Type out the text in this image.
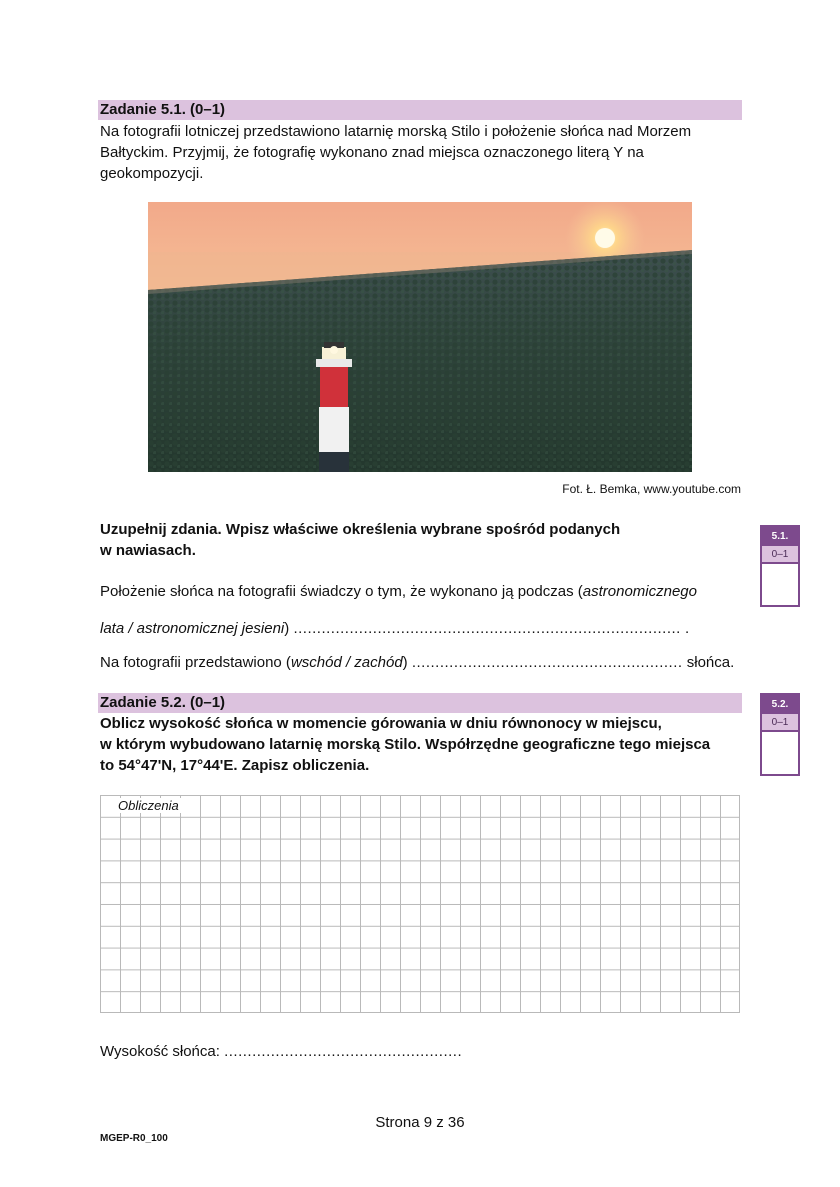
Zadanie 5.1. (0–1)
Na fotografii lotniczej przedstawiono latarnię morską Stilo i położenie słońca nad Morzem
Bałtyckim. Przyjmij, że fotografię wykonano znad miejsca oznaczonego literą Y na
geokompozycji.
Fot. Ł. Bemka, www.youtube.com
Uzupełnij zdania. Wpisz właściwe określenia wybrane spośród podanych
w nawiasach.
Położenie słońca na fotografii świadczy o tym, że wykonano ją podczas (astronomicznego
lata / astronomicznej jesieni) ................................................................................... .
Na fotografii przedstawiono (wschód / zachód) .......................................................... słońca.
5.1.
0–1
Zadanie 5.2. (0–1)
Oblicz wysokość słońca w momencie górowania w dniu równonocy w miejscu,
w którym wybudowano latarnię morską Stilo. Współrzędne geograficzne tego miejsca
to 54°47'N, 17°44'E. Zapisz obliczenia.
5.2.
0–1
Obliczenia
Wysokość słońca: ...................................................
Strona 9 z 36
MGEP-R0_100
